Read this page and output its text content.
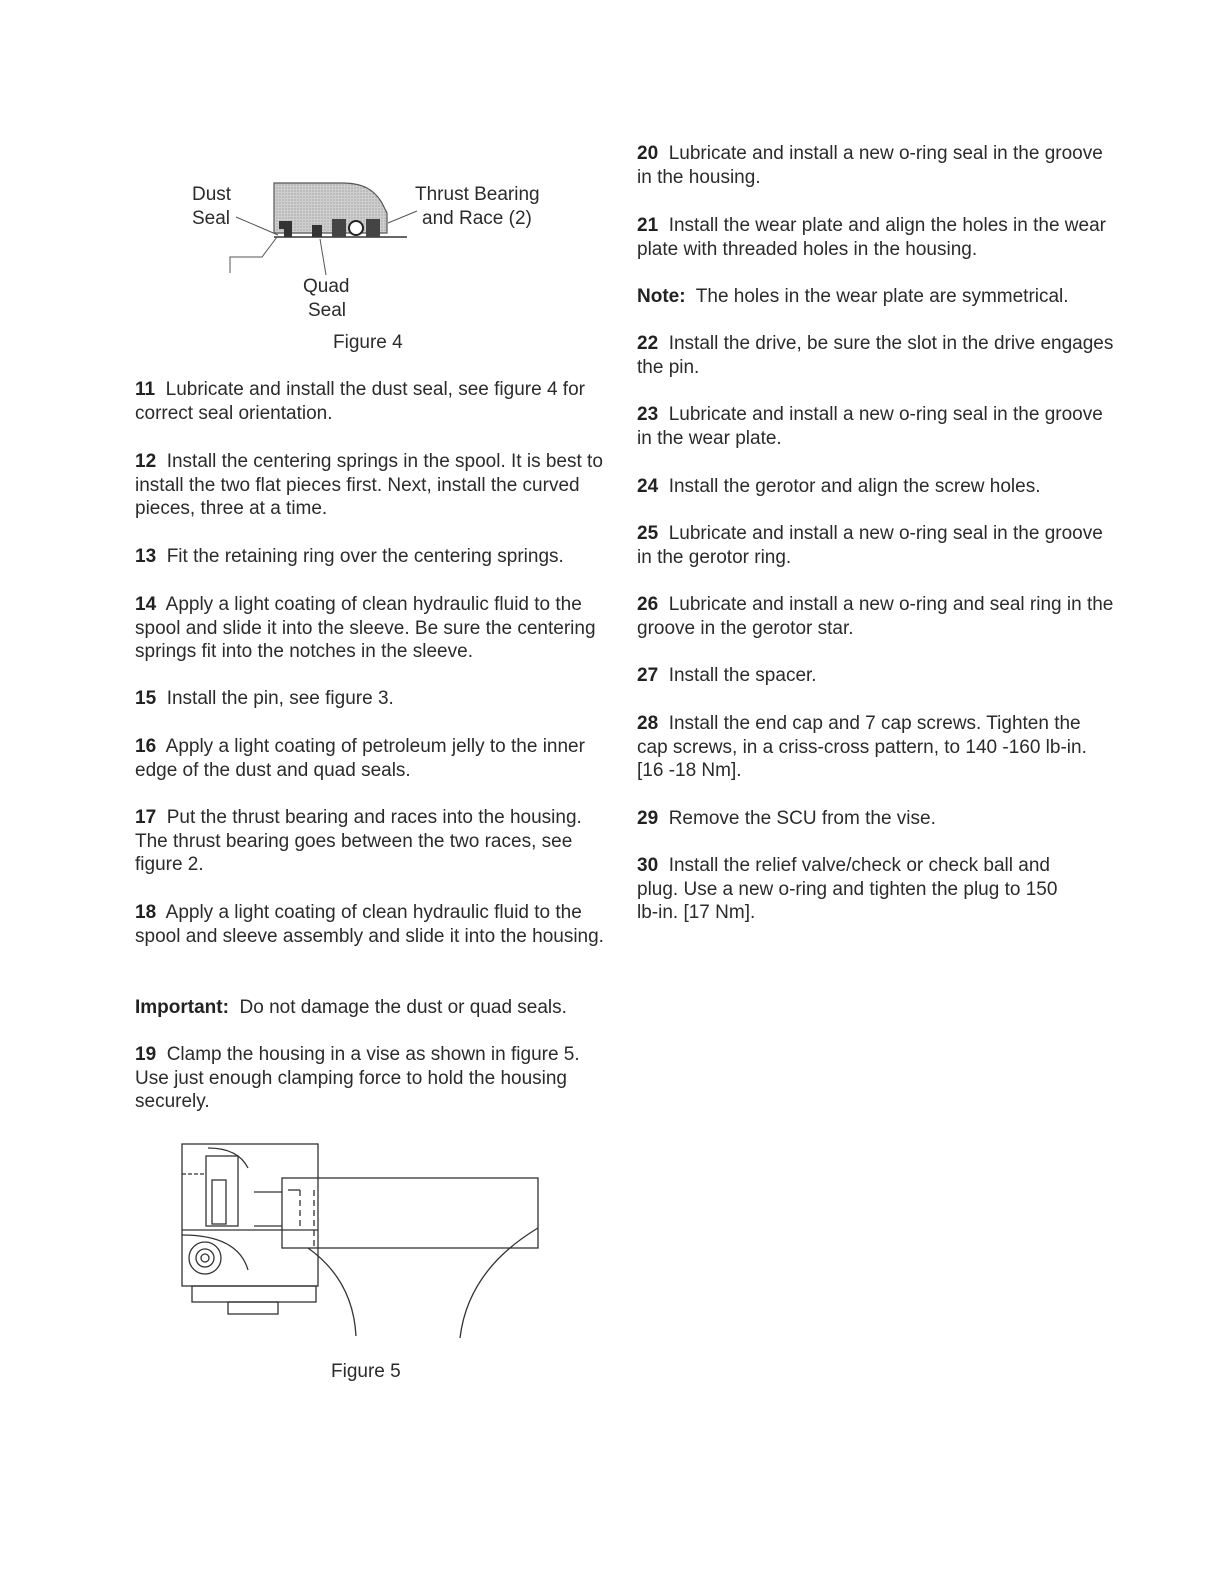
Dust
Seal
Thrust Bearing
and Race (2)
Quad
Seal
Figure 4

11 Lubricate and install the dust seal, see figure 4 for correct seal orientation.

12 Install the centering springs in the spool. It is best to install the two flat pieces first. Next, install the curved pieces, three at a time.

13 Fit the retaining ring over the centering springs.

14 Apply a light coating of clean hydraulic fluid to the spool and slide it into the sleeve. Be sure the centering springs fit into the notches in the sleeve.

15 Install the pin, see figure 3.

16 Apply a light coating of petroleum jelly to the inner edge of the dust and quad seals.

17 Put the thrust bearing and races into the housing. The thrust bearing goes between the two races, see figure 2.

18 Apply a light coating of clean hydraulic fluid to the spool and sleeve assembly and slide it into the housing.

Important: Do not damage the dust or quad seals.

19 Clamp the housing in a vise as shown in figure 5. Use just enough clamping force to hold the housing securely.

20 Lubricate and install a new o-ring seal in the groove in the housing.

21 Install the wear plate and align the holes in the wear plate with threaded holes in the housing.

Note: The holes in the wear plate are symmetrical.

22 Install the drive, be sure the slot in the drive engages the pin.

23 Lubricate and install a new o-ring seal in the groove in the wear plate.

24 Install the gerotor and align the screw holes.

25 Lubricate and install a new o-ring seal in the groove in the gerotor ring.

26 Lubricate and install a new o-ring and seal ring in the groove in the gerotor star.

27 Install the spacer.

28 Install the end cap and 7 cap screws. Tighten the cap screws, in a criss-cross pattern, to 140 -160 lb-in. [16 -18 Nm].

29 Remove the SCU from the vise.

30 Install the relief valve/check or check ball and plug. Use a new o-ring and tighten the plug to 150 lb-in. [17 Nm].

Figure 5
